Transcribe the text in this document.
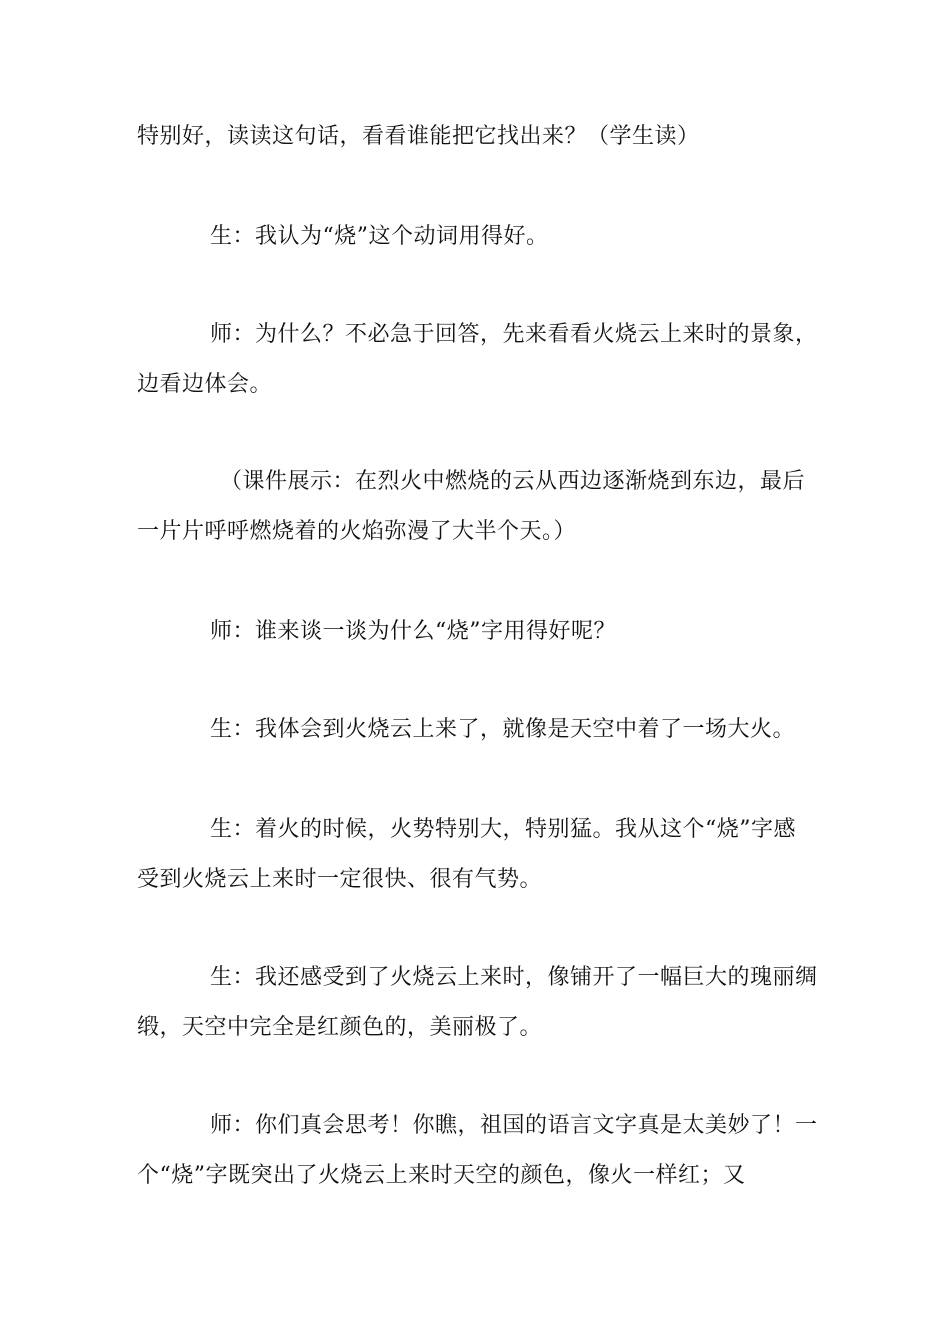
特别好，读读这句话，看看谁能把它找出来？（学生读）
生：我认为“烧”这个动词用得好。
师：为什么？不必急于回答，先来看看火烧云上来时的景象，
边看边体会。
（课件展示：在烈火中燃烧的云从西边逐渐烧到东边，最后
一片片呼呼燃烧着的火焰弥漫了大半个天。）
师：谁来谈一谈为什么“烧”字用得好呢？
生：我体会到火烧云上来了，就像是天空中着了一场大火。
生：着火的时候，火势特别大，特别猛。我从这个“烧”字感
受到火烧云上来时一定很快、很有气势。
生：我还感受到了火烧云上来时，像铺开了一幅巨大的瑰丽绸
缎，天空中完全是红颜色的，美丽极了。
师：你们真会思考！你瞧，祖国的语言文字真是太美妙了！一
个“烧”字既突出了火烧云上来时天空的颜色，像火一样红；又
